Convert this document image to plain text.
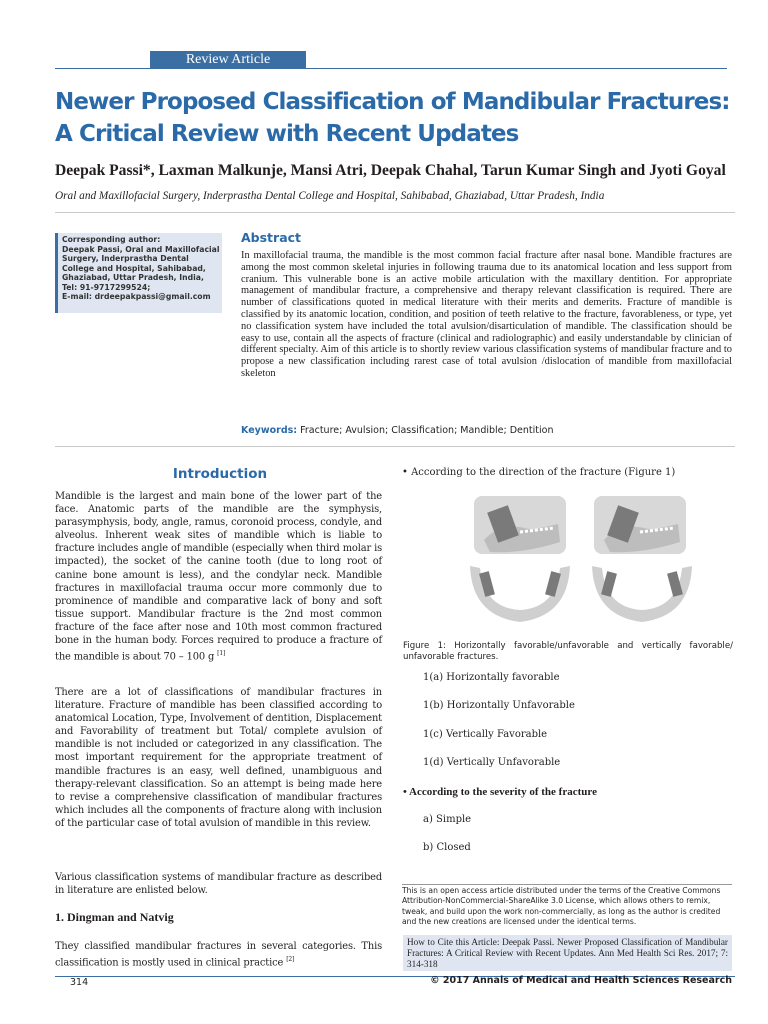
Review Article
Newer Proposed Classification of Mandibular Fractures: A Critical Review with Recent Updates
Deepak Passi*, Laxman Malkunje, Mansi Atri, Deepak Chahal, Tarun Kumar Singh and Jyoti Goyal
Oral and Maxillofacial Surgery, Inderprastha Dental College and Hospital, Sahibabad, Ghaziabad, Uttar Pradesh, India
Corresponding author:
Deepak Passi, Oral and Maxillofacial Surgery, Inderprastha Dental College and Hospital, Sahibabad, Ghaziabad, Uttar Pradesh, India,
Tel: 91-9717299524;
E-mail: drdeepakpassi@gmail.com
Abstract

In maxillofacial trauma, the mandible is the most common facial fracture after nasal bone. Mandible fractures are among the most common skeletal injuries in following trauma due to its anatomical location and less support from cranium. This vulnerable bone is an active mobile articulation with the maxillary dentition. For appropriate management of mandibular fracture, a comprehensive and therapy relevant classification is required. There are number of classifications quoted in medical literature with their merits and demerits. Fracture of mandible is classified by its anatomic location, condition, and position of teeth relative to the fracture, favorableness, or type, yet no classification system have included the total avulsion/disarticulation of mandible. The classification should be easy to use, contain all the aspects of fracture (clinical and radiolographic) and easily understandable by clinician of different specialty. Aim of this article is to shortly review various classification systems of mandibular fracture and to propose a new classification including rarest case of total avulsion /dislocation of mandible from maxillofacial skeleton

Keywords: Fracture; Avulsion; Classification; Mandible; Dentition
Introduction

Mandible is the largest and main bone of the lower part of the face. Anatomic parts of the mandible are the symphysis, parasymphysis, body, angle, ramus, coronoid process, condyle, and alveolus. Inherent weak sites of mandible which is liable to fracture includes angle of mandible (especially when third molar is impacted), the socket of the canine tooth (due to long root of canine bone amount is less), and the condylar neck. Mandible fractures in maxillofacial trauma occur more commonly due to prominence of mandible and comparative lack of bony and soft tissue support. Mandibular fracture is the 2nd most common fracture of the face after nose and 10th most common fractured bone in the human body. Forces required to produce a fracture of the mandible is about 70 – 100 g [1]

There are a lot of classifications of mandibular fractures in literature. Fracture of mandible has been classified according to anatomical Location, Type, Involvement of dentition, Displacement and Favorability of treatment but Total/ complete avulsion of mandible is not included or categorized in any classification. The most important requirement for the appropriate treatment of mandible fractures is an easy, well defined, unambiguous and therapy-relevant classification. So an attempt is being made here to revise a comprehensive classification of mandibular fractures which includes all the components of fracture along with inclusion of the particular case of total avulsion of mandible in this review.

Various classification systems of mandibular fracture as described in literature are enlisted below.

1. Dingman and Natvig

They classified mandibular fractures in several categories. This classification is mostly used in clinical practice [2]

• According to the direction of the fracture (Figure 1)

Figure 1: Horizontally favorable/unfavorable and vertically favorable/ unfavorable fractures.

1(a) Horizontally favorable
1(b) Horizontally Unfavorable
1(c) Vertically Favorable
1(d) Vertically Unfavorable
• According to the severity of the fracture
a) Simple
b) Closed

This is an open access article distributed under the terms of the Creative Commons Attribution-NonCommercial-ShareAlike 3.0 License, which allows others to remix, tweak, and build upon the work non-commercially, as long as the author is credited and the new creations are licensed under the identical terms.

How to Cite this Article: Deepak Passi. Newer Proposed Classification of Mandibular Fractures: A Critical Review with Recent Updates. Ann Med Health Sci Res. 2017; 7: 314-318

314	© 2017 Annals of Medical and Health Sciences Research
